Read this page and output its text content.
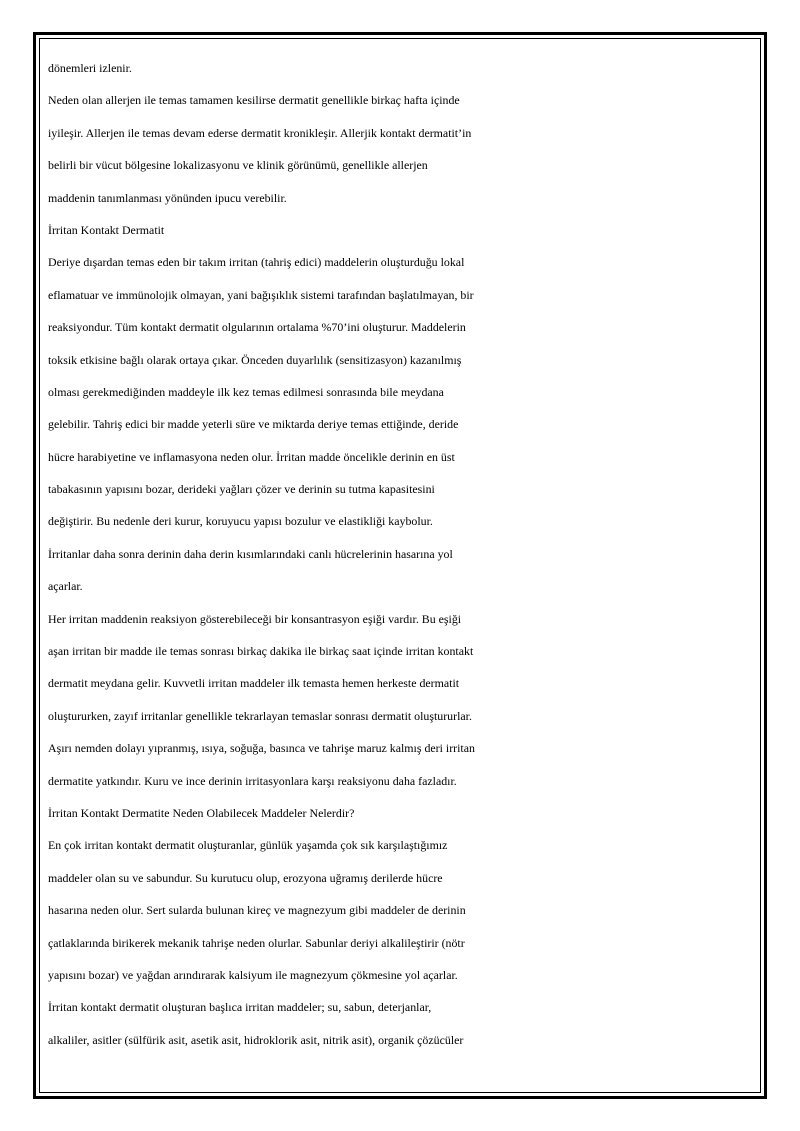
dönemleri izlenir.
Neden olan allerjen ile temas tamamen kesilirse dermatit genellikle birkaç hafta içinde
iyileşir. Allerjen ile temas devam ederse dermatit kronikleşir. Allerjik kontakt dermatit’in
belirli bir vücut bölgesine lokalizasyonu ve klinik görünümü, genellikle allerjen
maddenin tanımlanması yönünden ipucu verebilir.
İrritan Kontakt Dermatit
Deriye dışardan temas eden bir takım irritan (tahriş edici) maddelerin oluşturduğu lokal
eflamatuar ve immünolojik olmayan, yani bağışıklık sistemi tarafından başlatılmayan, bir
reaksiyondur. Tüm kontakt dermatit olgularının ortalama %70’ini oluşturur. Maddelerin
toksik etkisine bağlı olarak ortaya çıkar. Önceden duyarlılık (sensitizasyon) kazanılmış
olması gerekmediğinden maddeyle ilk kez temas edilmesi sonrasında bile meydana
gelebilir. Tahriş edici bir madde yeterli süre ve miktarda deriye temas ettiğinde, deride
hücre harabiyetine ve inflamasyona neden olur. İrritan madde öncelikle derinin en üst
tabakasının yapısını bozar, derideki yağları çözer ve derinin su tutma kapasitesini
değiştirir. Bu nedenle deri kurur, koruyucu yapısı bozulur ve elastikliği kaybolur.
İrritanlar daha sonra derinin daha derin kısımlarındaki canlı hücrelerinin hasarına yol
açarlar.
Her irritan maddenin reaksiyon gösterebileceği bir konsantrasyon eşiği vardır. Bu eşiği
aşan irritan bir madde ile temas sonrası birkaç dakika ile birkaç saat içinde irritan kontakt
dermatit meydana gelir. Kuvvetli irritan maddeler ilk temasta hemen herkeste dermatit
oluştururken, zayıf irritanlar genellikle tekrarlayan temaslar sonrası dermatit oluştururlar.
Aşırı nemden dolayı yıpranmış, ısıya, soğuğa, basınca ve tahrişe maruz kalmış deri irritan
dermatite yatkındır. Kuru ve ince derinin irritasyonlara karşı reaksiyonu daha fazladır.
İrritan Kontakt Dermatite Neden Olabilecek Maddeler Nelerdir?
En çok irritan kontakt dermatit oluşturanlar, günlük yaşamda çok sık karşılaştığımız
maddeler olan su ve sabundur. Su kurutucu olup, erozyona uğramış derilerde hücre
hasarına neden olur. Sert sularda bulunan kireç ve magnezyum gibi maddeler de derinin
çatlaklarında birikerek mekanik tahrişe neden olurlar. Sabunlar deriyi alkalileştirir (nötr
yapısını bozar) ve yağdan arındırarak kalsiyum ile magnezyum çökmesine yol açarlar.
İrritan kontakt dermatit oluşturan başlıca irritan maddeler; su, sabun, deterjanlar,
alkaliler, asitler (sülfürik asit, asetik asit, hidroklorik asit, nitrik asit), organik çözücüler
